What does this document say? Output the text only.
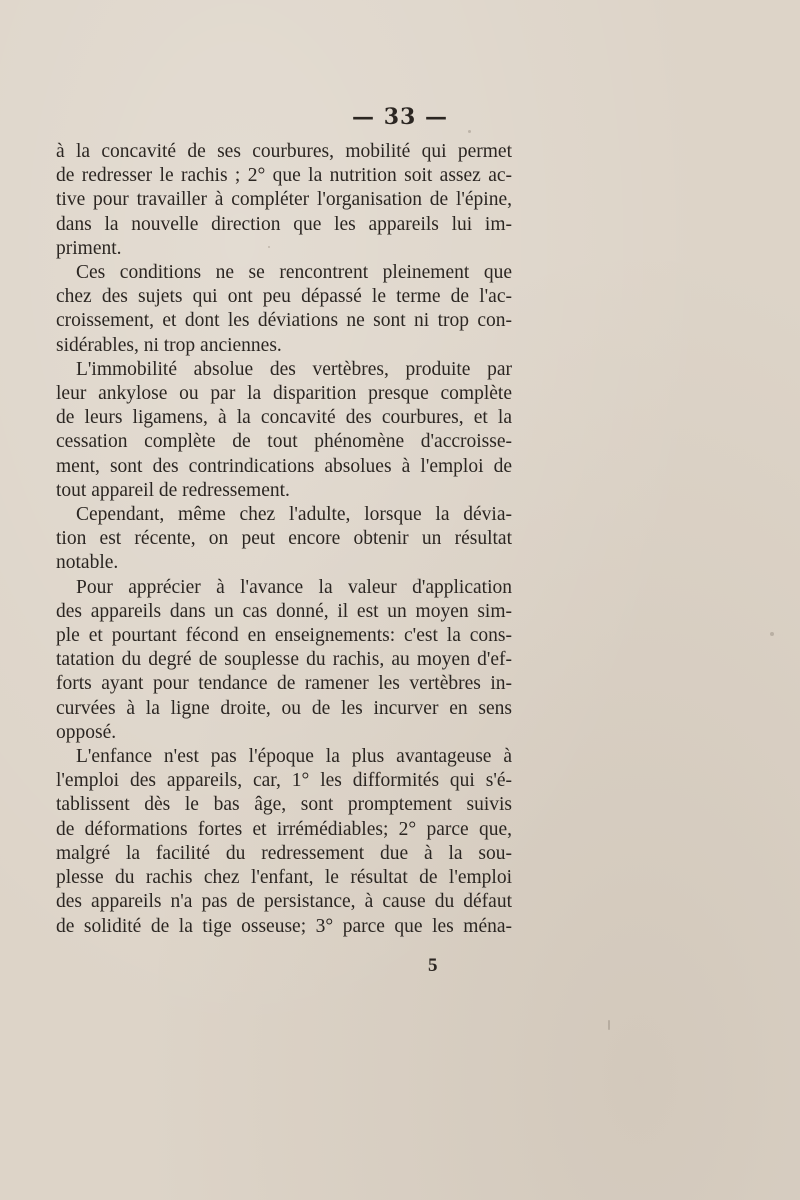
— 33 —
à la concavité de ses courbures, mobilité qui permet
de redresser le rachis ; 2° que la nutrition soit assez ac-
tive pour travailler à compléter l'organisation de l'épine,
dans la nouvelle direction que les appareils lui im-
priment.
Ces conditions ne se rencontrent pleinement que
chez des sujets qui ont peu dépassé le terme de l'ac-
croissement, et dont les déviations ne sont ni trop con-
sidérables, ni trop anciennes.
L'immobilité absolue des vertèbres, produite par
leur ankylose ou par la disparition presque complète
de leurs ligamens, à la concavité des courbures, et la
cessation complète de tout phénomène d'accroisse-
ment, sont des contrindications absolues à l'emploi de
tout appareil de redressement.
Cependant, même chez l'adulte, lorsque la dévia-
tion est récente, on peut encore obtenir un résultat
notable.
Pour apprécier à l'avance la valeur d'application
des appareils dans un cas donné, il est un moyen sim-
ple et pourtant fécond en enseignements: c'est la cons-
tatation du degré de souplesse du rachis, au moyen d'ef-
forts ayant pour tendance de ramener les vertèbres in-
curvées à la ligne droite, ou de les incurver en sens
opposé.
L'enfance n'est pas l'époque la plus avantageuse à
l'emploi des appareils, car, 1° les difformités qui s'é-
tablissent dès le bas âge, sont promptement suivis
de déformations fortes et irrémédiables; 2° parce que,
malgré la facilité du redressement due à la sou-
plesse du rachis chez l'enfant, le résultat de l'emploi
des appareils n'a pas de persistance, à cause du défaut
de solidité de la tige osseuse; 3° parce que les ména-
5
